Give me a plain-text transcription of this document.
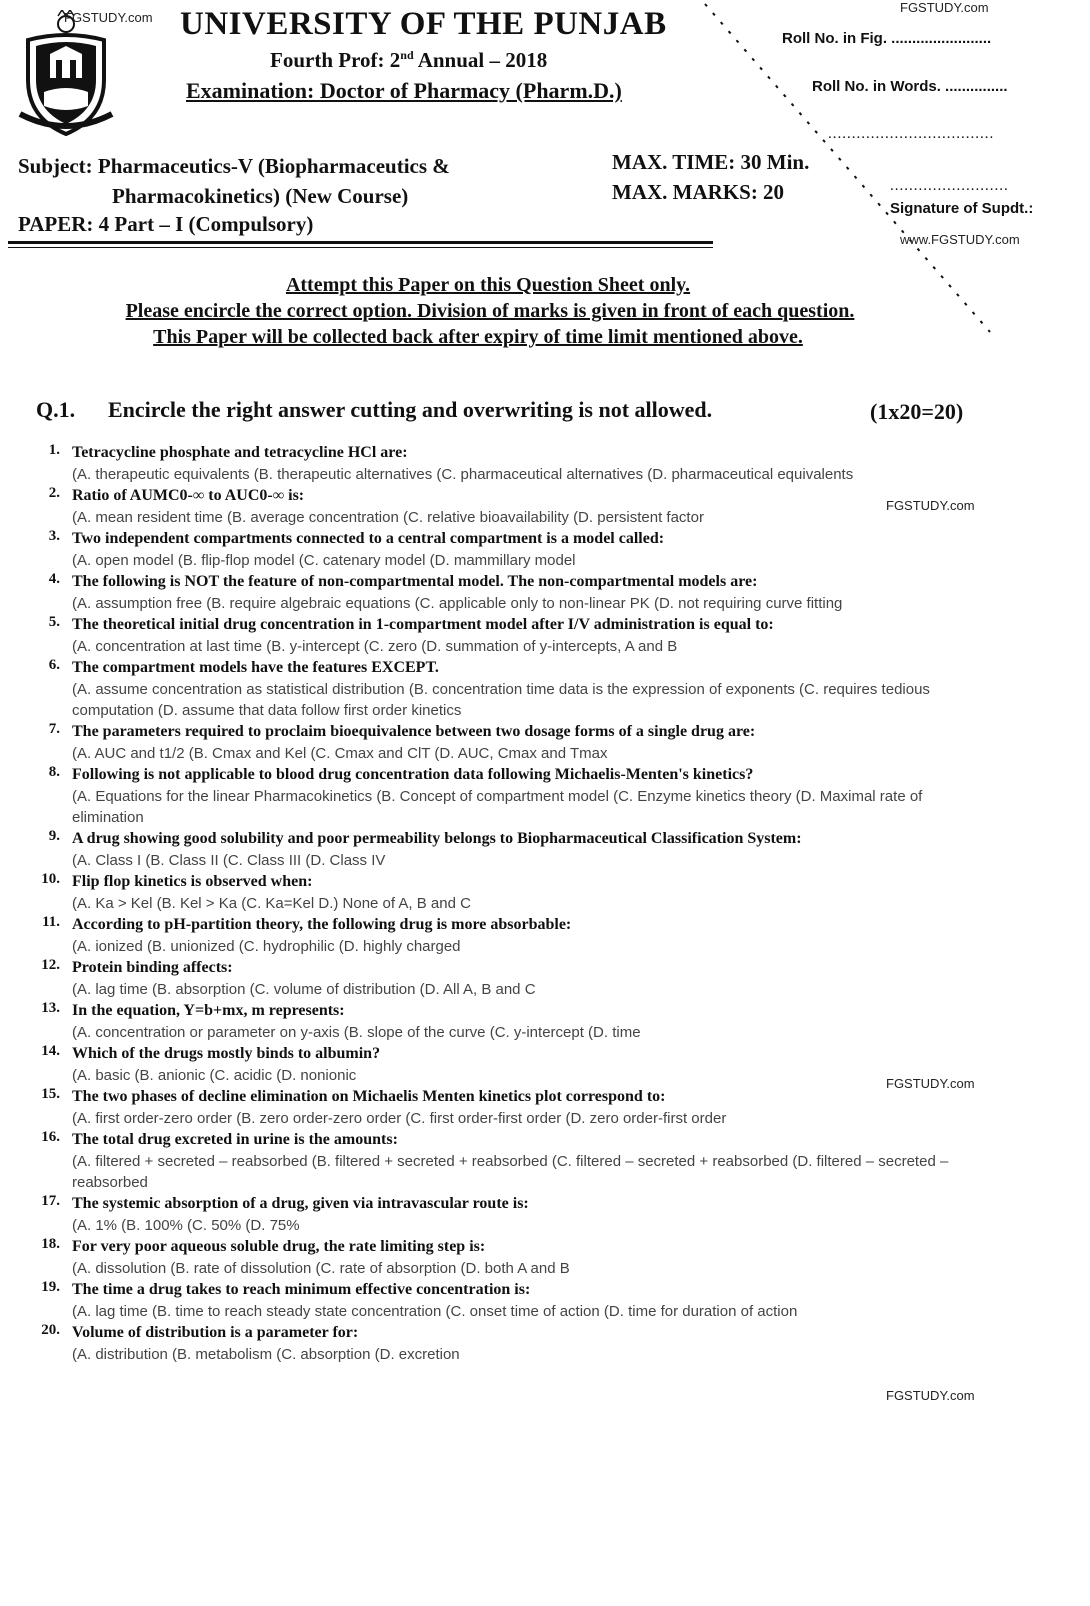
FGSTUDY.com
FGSTUDY.com
www.FGSTUDY.com
FGSTUDY.com
FGSTUDY.com
FGSTUDY.com
UNIVERSITY OF THE PUNJAB
Fourth Prof: 2nd Annual – 2018
Examination: Doctor of Pharmacy (Pharm.D.)
Subject: Pharmaceutics-V (Biopharmaceutics &
Pharmacokinetics) (New Course)
PAPER: 4 Part – I (Compulsory)
MAX. TIME: 30 Min.
MAX. MARKS: 20
Roll No. in Fig. ........................
Roll No. in Words. ...............
...................................
.........................
Signature of Supdt.:
Attempt this Paper on this Question Sheet only.
Please encircle the correct option. Division of marks is given in front of each question.
This Paper will be collected back after expiry of time limit mentioned above.
Q.1. Encircle the right answer cutting and overwriting is not allowed.	(1x20=20)
1. Tetracycline phosphate and tetracycline HCl are:
(A. therapeutic equivalents (B. therapeutic alternatives (C. pharmaceutical alternatives (D. pharmaceutical equivalents
2. Ratio of AUMC0-∞ to AUC0-∞ is:
(A. mean resident time (B. average concentration (C. relative bioavailability (D. persistent factor
3. Two independent compartments connected to a central compartment is a model called:
(A. open model (B. flip-flop model (C. catenary model (D. mammillary model
4. The following is NOT the feature of non-compartmental model. The non-compartmental models are:
(A. assumption free (B. require algebraic equations (C. applicable only to non-linear PK (D. not requiring curve fitting
5. The theoretical initial drug concentration in 1-compartment model after I/V administration is equal to:
(A. concentration at last time (B. y-intercept (C. zero (D. summation of y-intercepts, A and B
6. The compartment models have the features EXCEPT.
(A. assume concentration as statistical distribution (B. concentration time data is the expression of exponents (C. requires tedious computation (D. assume that data follow first order kinetics
7. The parameters required to proclaim bioequivalence between two dosage forms of a single drug are:
(A. AUC and t1/2 (B. Cmax and Kel (C. Cmax and ClT (D. AUC, Cmax and Tmax
8. Following is not applicable to blood drug concentration data following Michaelis-Menten's kinetics?
(A. Equations for the linear Pharmacokinetics (B. Concept of compartment model (C. Enzyme kinetics theory (D. Maximal rate of elimination
9. A drug showing good solubility and poor permeability belongs to Biopharmaceutical Classification System:
(A. Class I (B. Class II (C. Class III (D. Class IV
10. Flip flop kinetics is observed when:
(A. Ka > Kel (B. Kel > Ka (C. Ka=Kel D.) None of A, B and C
11. According to pH-partition theory, the following drug is more absorbable:
(A. ionized (B. unionized (C. hydrophilic (D. highly charged
12. Protein binding affects:
(A. lag time (B. absorption (C. volume of distribution (D. All A, B and C
13. In the equation, Y=b+mx, m represents:
(A. concentration or parameter on y-axis (B. slope of the curve (C. y-intercept (D. time
14. Which of the drugs mostly binds to albumin?
(A. basic (B. anionic (C. acidic (D. nonionic
15. The two phases of decline elimination on Michaelis Menten kinetics plot correspond to:
(A. first order-zero order (B. zero order-zero order (C. first order-first order (D. zero order-first order
16. The total drug excreted in urine is the amounts:
(A. filtered + secreted – reabsorbed (B. filtered + secreted + reabsorbed (C. filtered – secreted + reabsorbed (D. filtered – secreted – reabsorbed
17. The systemic absorption of a drug, given via intravascular route is:
(A. 1% (B. 100% (C. 50% (D. 75%
18. For very poor aqueous soluble drug, the rate limiting step is:
(A. dissolution (B. rate of dissolution (C. rate of absorption (D. both A and B
19. The time a drug takes to reach minimum effective concentration is:
(A. lag time (B. time to reach steady state concentration (C. onset time of action (D. time for duration of action
20. Volume of distribution is a parameter for:
(A. distribution (B. metabolism (C. absorption (D. excretion
